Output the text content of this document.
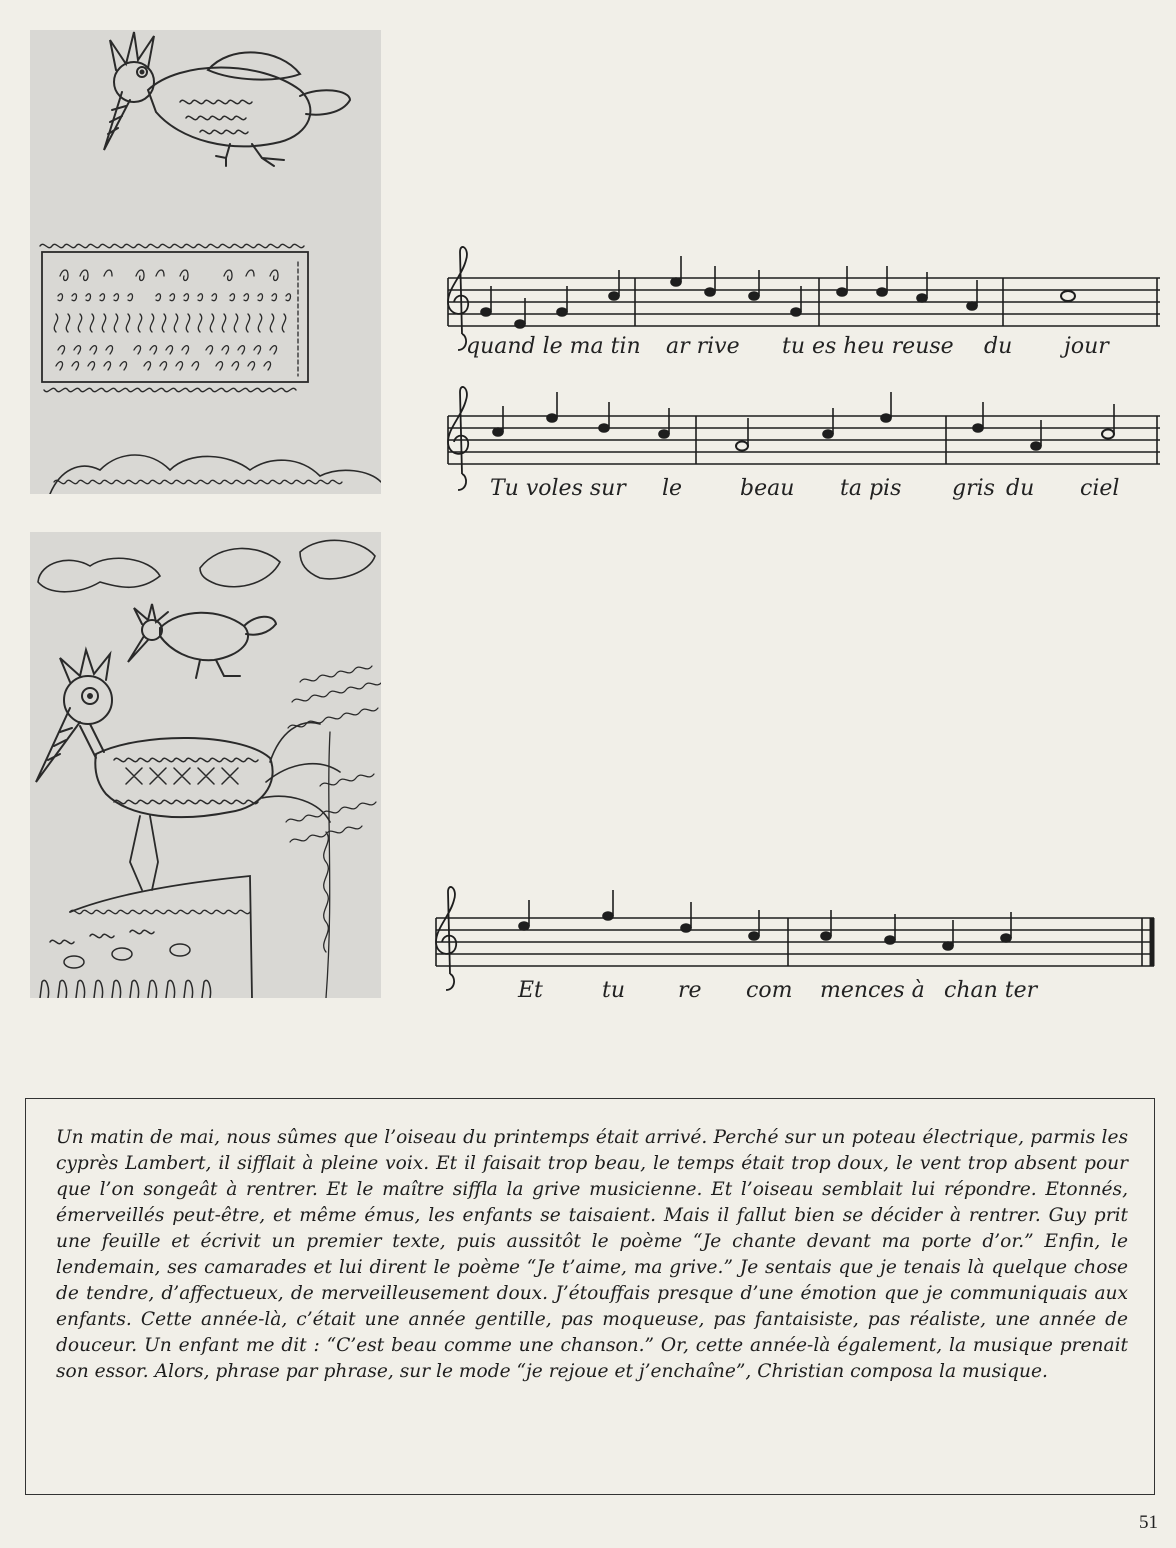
quand le ma tin ar rive tu es heu reuse du jour
Tu voles sur le	beau ta pis gris du ciel
Et	tu re com mences à chan ter

Un matin de mai, nous sûmes que l’oiseau du printemps était arrivé. Perché sur un poteau électrique, parmis les cyprès Lambert, il sifflait à pleine voix. Et il faisait trop beau, le temps était trop doux, le vent trop absent pour que l’on songeât à rentrer. Et le maître siffla la grive musicienne. Et l’oiseau semblait lui répondre. Etonnés, émerveillés peut-être, et même émus, les enfants se taisaient. Mais il fallut bien se décider à rentrer. Guy prit une feuille et écrivit un premier texte, puis aussitôt le poème “Je chante devant ma porte d’or.” Enfin, le lendemain, ses camarades et lui dirent le poème “Je t’aime, ma grive.” Je sentais que je tenais là quelque chose de tendre, d’affectueux, de merveilleusement doux. J’étouffais presque d’une émotion que je communiquais aux enfants. Cette année-là, c’était une année gentille, pas moqueuse, pas fantaisiste, pas réaliste, une année de douceur. Un enfant me dit : “C’est beau comme une chanson.” Or, cette année-là également, la musique prenait son essor. Alors, phrase par phrase, sur le mode “je rejoue et j’enchaîne”, Christian composa la musique.

51
